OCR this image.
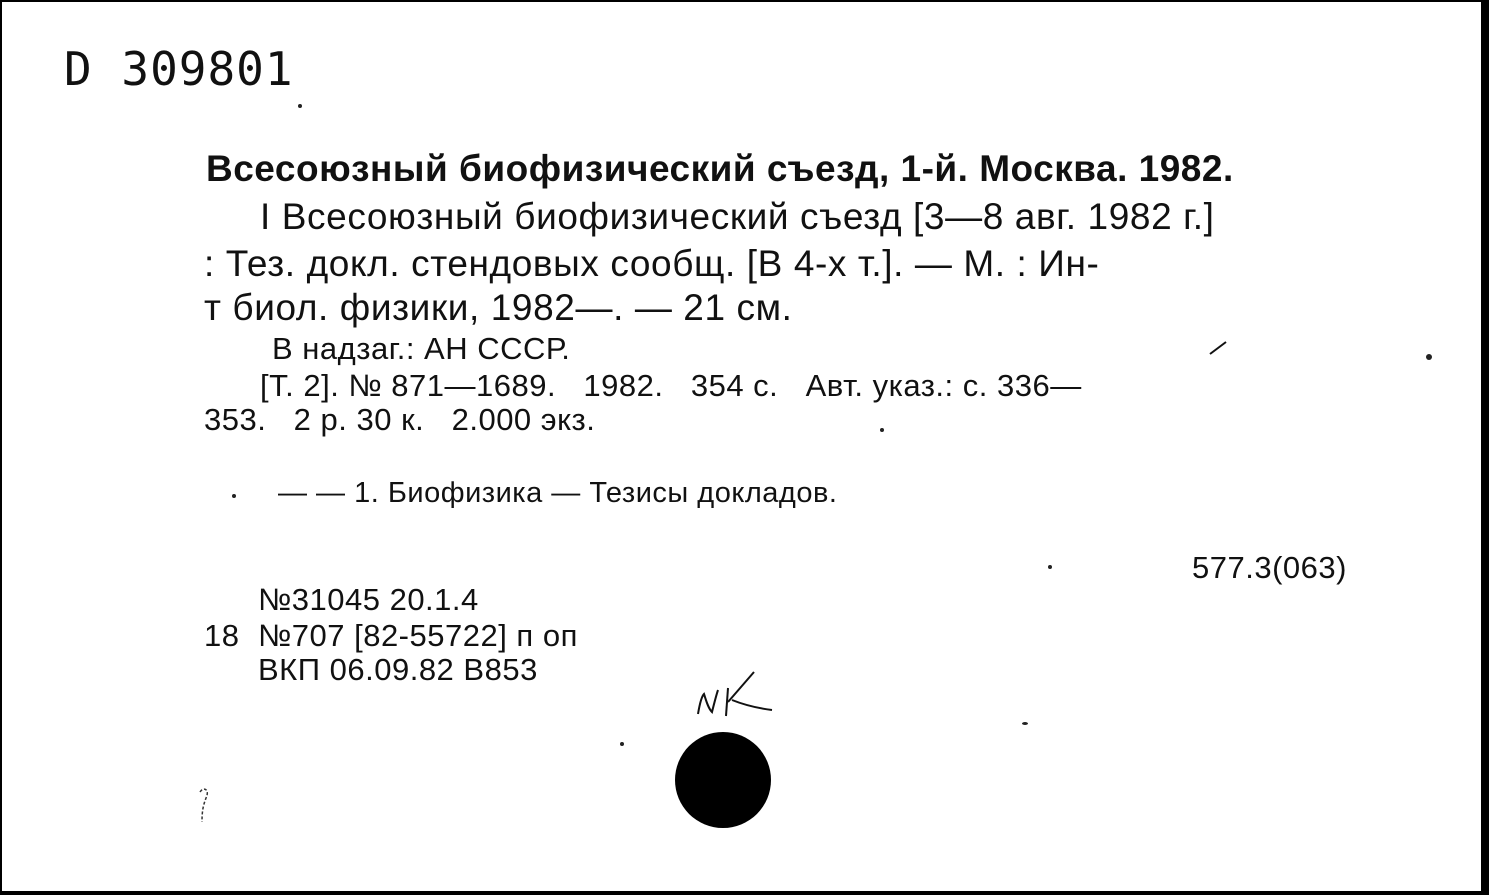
D 309801
Всесоюзный биофизический съезд, 1-й. Москва. 1982.
I Всесоюзный биофизический съезд [3—8 авг. 1982 г.]
: Тез. докл. стендовых сообщ. [В 4-х т.]. — М. : Ин-
т биол. физики, 1982—. — 21 см.
В надзаг.: АН СССР.
[Т. 2]. № 871—1689.   1982.   354 с.   Авт. указ.: с. 336—
353.   2 р. 30 к.   2.000 экз.
— — 1. Биофизика — Тезисы докладов.
577.3(063)
№31045 20.1.4
18 №707 [82-55722] п оп
ВКП 06.09.82 В853
